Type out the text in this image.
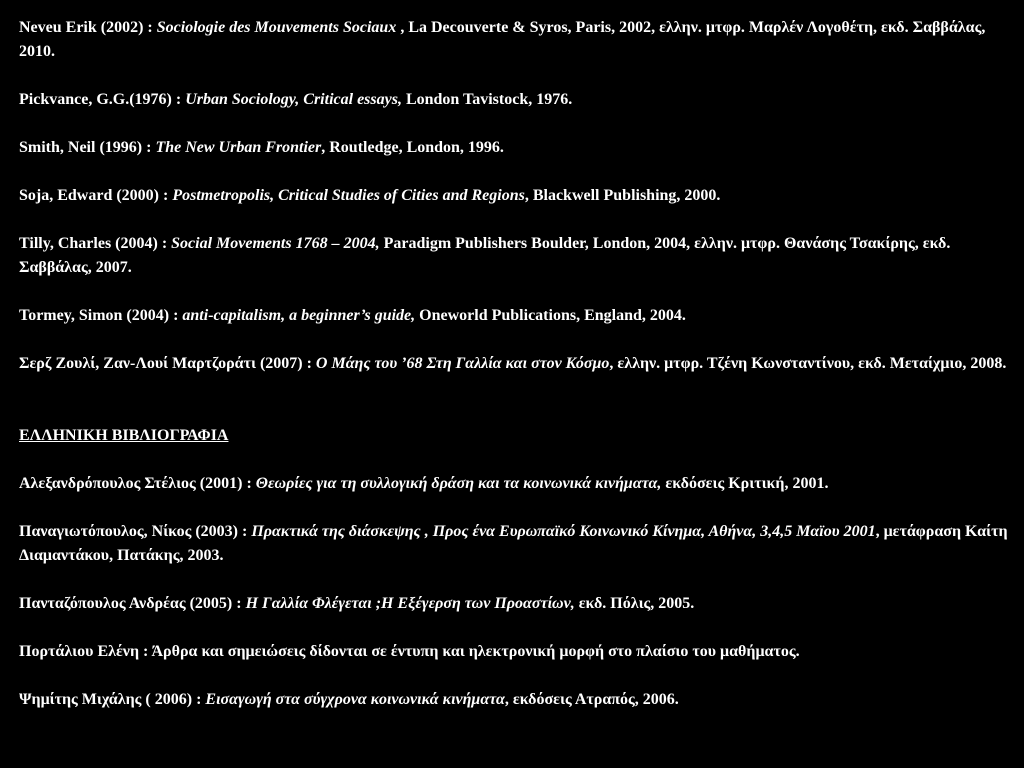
Neveu Erik (2002) : Sociologie des Mouvements Sociaux , La Decouverte & Syros, Paris, 2002, ελλην. μτφρ. Μαρλέν Λογοθέτη, εκδ. Σαββάλας, 2010.

Pickvance, G.G.(1976) : Urban Sociology, Critical essays, London Tavistock, 1976.

Smith, Neil (1996) : The New Urban Frontier, Routledge, London, 1996.

Soja, Edward (2000) : Postmetropolis, Critical Studies of Cities and Regions, Blackwell Publishing, 2000.

Tilly, Charles (2004) : Social Movements 1768 – 2004, Paradigm Publishers Boulder, London, 2004, ελλην. μτφρ. Θανάσης Τσακίρης, εκδ. Σαββάλας, 2007.

Tormey, Simon (2004) : anti-capitalism, a beginner’s guide, Oneworld Publications, England, 2004.

Σερζ Ζουλί, Ζαν-Λουί Μαρτζοράτι (2007) : Ο Μάης του ’68 Στη Γαλλία και στον Κόσμο, ελλην. μτφρ. Τζένη Κωνσταντίνου, εκδ. Μεταίχμιο, 2008.

ΕΛΛΗΝΙΚΗ ΒΙΒΛΙΟΓΡΑΦΙΑ

Αλεξανδρόπουλος Στέλιος (2001) : Θεωρίες για τη συλλογική δράση και τα κοινωνικά κινήματα, εκδόσεις Κριτική, 2001.

Παναγιωτόπουλος, Νίκος (2003) : Πρακτικά της διάσκεψης , Προς ένα Ευρωπαϊκό Κοινωνικό Κίνημα, Αθήνα, 3,4,5 Μαϊου 2001, μετάφραση Καίτη Διαμαντάκου, Πατάκης, 2003.

Πανταζόπουλος Ανδρέας (2005) : Η Γαλλία Φλέγεται ;Η Εξέγερση των Προαστίων, εκδ. Πόλις, 2005.

Πορτάλιου Ελένη : Άρθρα και σημειώσεις δίδονται σε έντυπη και ηλεκτρονική μορφή στο πλαίσιο του μαθήματος.

Ψημίτης Μιχάλης ( 2006) : Εισαγωγή στα σύγχρονα κοινωνικά κινήματα, εκδόσεις Ατραπός, 2006.
